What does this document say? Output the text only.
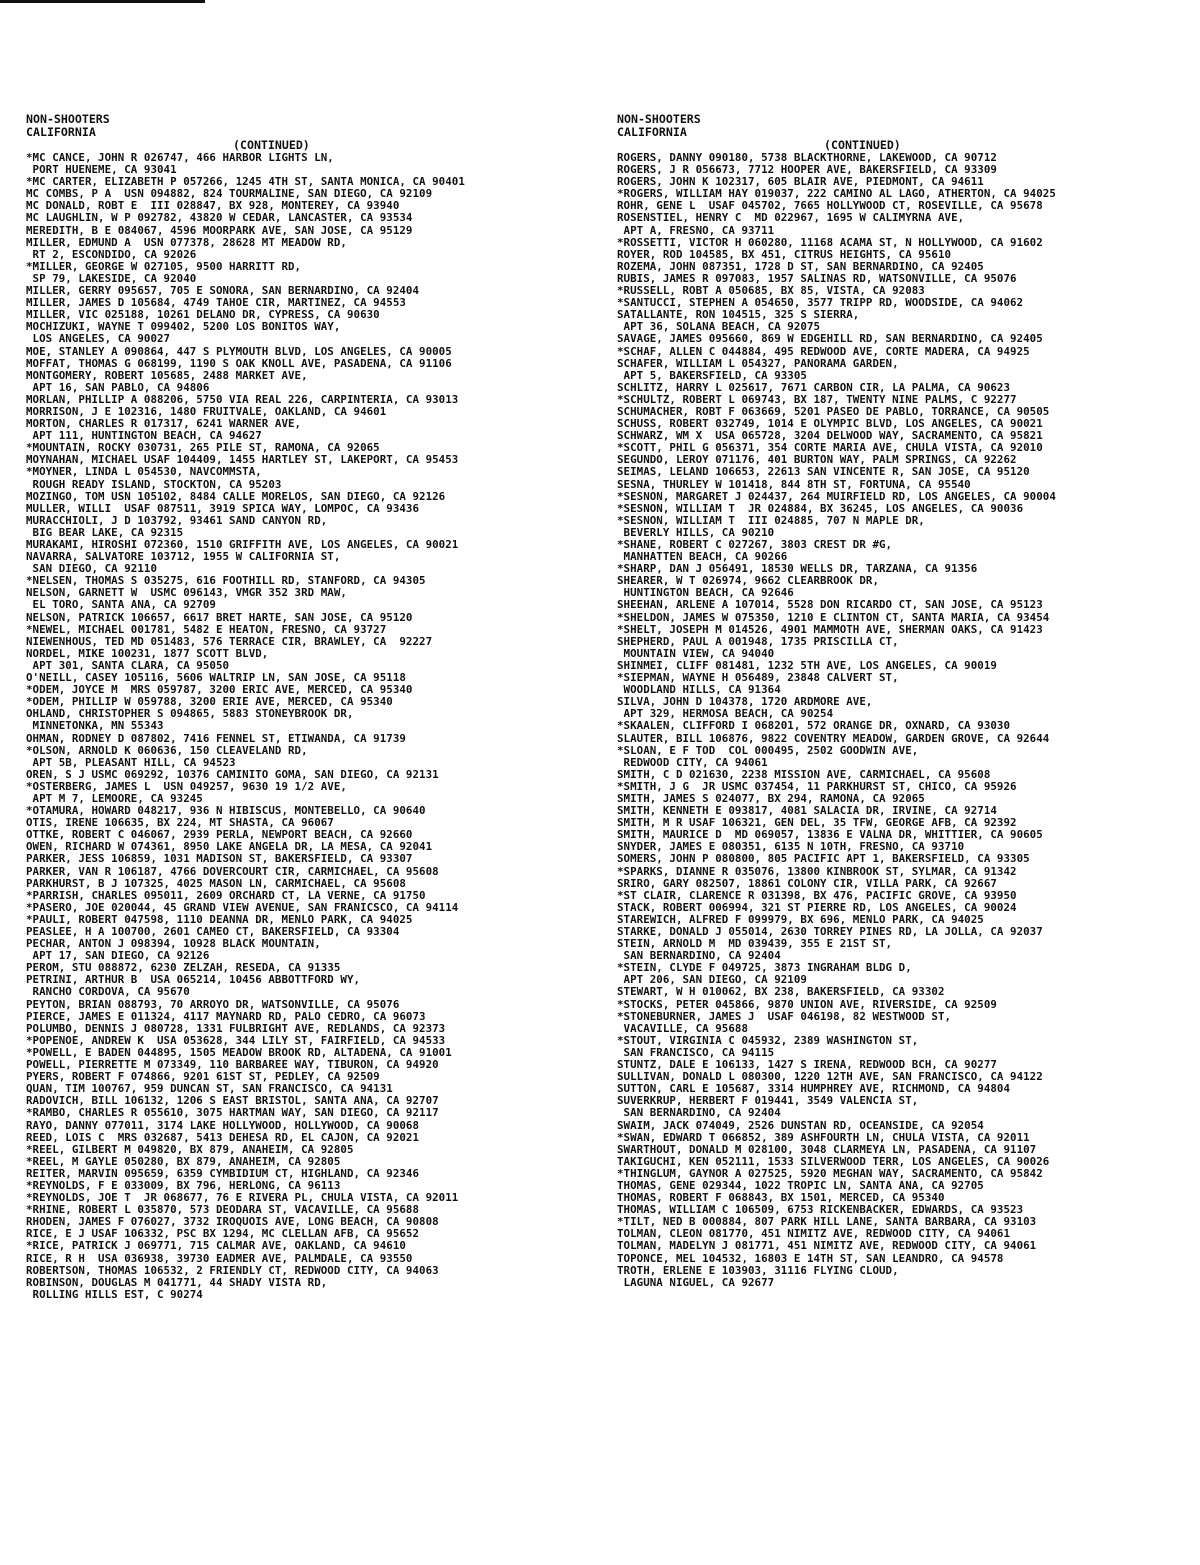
NON-SHOOTERS
CALIFORNIA
(CONTINUED)
*MC CANCE, JOHN R 026747, 466 HARBOR LIGHTS LN,
PORT HUENEME, CA 93041
*MC CARTER, ELIZABETH P 057266, 1245 4TH ST, SANTA MONICA, CA 90401
MC COMBS, P A  USN 094882, 824 TOURMALINE, SAN DIEGO, CA 92109
MC DONALD, ROBT E  III 028847, BX 928, MONTEREY, CA 93940
MC LAUGHLIN, W P 092782, 43820 W CEDAR, LANCASTER, CA 93534
MEREDITH, B E 084067, 4596 MOORPARK AVE, SAN JOSE, CA 95129
MILLER, EDMUND A  USN 077378, 28628 MT MEADOW RD,
RT 2, ESCONDIDO, CA 92026
*MILLER, GEORGE W 027105, 9500 HARRITT RD,
SP 79, LAKESIDE, CA 92040
MILLER, GERRY 095657, 705 E SONORA, SAN BERNARDINO, CA 92404
MILLER, JAMES D 105684, 4749 TAHOE CIR, MARTINEZ, CA 94553
MILLER, VIC 025188, 10261 DELANO DR, CYPRESS, CA 90630
MOCHIZUKI, WAYNE T 099402, 5200 LOS BONITOS WAY,
LOS ANGELES, CA 90027
MOE, STANLEY A 090864, 447 S PLYMOUTH BLVD, LOS ANGELES, CA 90005
MOFFAT, THOMAS G 068199, 1190 S OAK KNOLL AVE, PASADENA, CA 91106
MONTGOMERY, ROBERT 105685, 2488 MARKET AVE,
APT 16, SAN PABLO, CA 94806
MORLAN, PHILLIP A 088206, 5750 VIA REAL 226, CARPINTERIA, CA 93013
MORRISON, J E 102316, 1480 FRUITVALE, OAKLAND, CA 94601
MORTON, CHARLES R 017317, 6241 WARNER AVE,
APT 111, HUNTINGTON BEACH, CA 94627
*MOUNTAIN, ROCKY 030731, 265 PILE ST, RAMONA, CA 92065
MOYNAHAN, MICHAEL USAF 104409, 1455 HARTLEY ST, LAKEPORT, CA 95453
*MOYNER, LINDA L 054530, NAVCOMMSTA,
ROUGH READY ISLAND, STOCKTON, CA 95203
MOZINGO, TOM USN 105102, 8484 CALLE MORELOS, SAN DIEGO, CA 92126
MULLER, WILLI  USAF 087511, 3919 SPICA WAY, LOMPOC, CA 93436
MURACCHIOLI, J D 103792, 93461 SAND CANYON RD,
BIG BEAR LAKE, CA 92315
MURAKAMI, HIROSHI 072360, 1510 GRIFFITH AVE, LOS ANGELES, CA 90021
NAVARRA, SALVATORE 103712, 1955 W CALIFORNIA ST,
SAN DIEGO, CA 92110
*NELSEN, THOMAS S 035275, 616 FOOTHILL RD, STANFORD, CA 94305
NELSON, GARNETT W  USMC 096143, VMGR 352 3RD MAW,
EL TORO, SANTA ANA, CA 92709
NELSON, PATRICK 106657, 6617 BRET HARTE, SAN JOSE, CA 95120
*NEWEL, MICHAEL 001781, 5482 E HEATON, FRESNO, CA 93727
NIEWENHOUS, TED MD 051483, 576 TERRACE CIR, BRAWLEY, CA  92227
NORDEL, MIKE 100231, 1877 SCOTT BLVD,
APT 301, SANTA CLARA, CA 95050
O'NEILL, CASEY 105116, 5606 WALTRIP LN, SAN JOSE, CA 95118
*ODEM, JOYCE M  MRS 059787, 3200 ERIC AVE, MERCED, CA 95340
*ODEM, PHILLIP W 059788, 3200 ERIE AVE, MERCED, CA 95340
OHLAND, CHRISTOPHER S 094865, 5883 STONEYBROOK DR,
MINNETONKA, MN 55343
OHMAN, RODNEY D 087802, 7416 FENNEL ST, ETIWANDA, CA 91739
*OLSON, ARNOLD K 060636, 150 CLEAVELAND RD,
APT 5B, PLEASANT HILL, CA 94523
OREN, S J USMC 069292, 10376 CAMINITO GOMA, SAN DIEGO, CA 92131
*OSTERBERG, JAMES L  USN 049257, 9630 19 1/2 AVE,
APT M 7, LEMOORE, CA 93245
*OTAMURA, HOWARD 048217, 936 N HIBISCUS, MONTEBELLO, CA 90640
OTIS, IRENE 106635, BX 224, MT SHASTA, CA 96067
OTTKE, ROBERT C 046067, 2939 PERLA, NEWPORT BEACH, CA 92660
OWEN, RICHARD W 074361, 8950 LAKE ANGELA DR, LA MESA, CA 92041
PARKER, JESS 106859, 1031 MADISON ST, BAKERSFIELD, CA 93307
PARKER, VAN R 106187, 4766 DOVERCOURT CIR, CARMICHAEL, CA 95608
PARKHURST, B J 107325, 4025 MASON LN, CARMICHAEL, CA 95608
*PARRISH, CHARLES 095011, 2609 ORCHARD CT, LA VERNE, CA 91750
*PASERO, JOE 020044, 45 GRAND VIEW AVENUE, SAN FRANICSCO, CA 94114
*PAULI, ROBERT 047598, 1110 DEANNA DR, MENLO PARK, CA 94025
PEASLEE, H A 100700, 2601 CAMEO CT, BAKERSFIELD, CA 93304
PECHAR, ANTON J 098394, 10928 BLACK MOUNTAIN,
APT 17, SAN DIEGO, CA 92126
PEROM, STU 088872, 6230 ZELZAH, RESEDA, CA 91335
PETRINI, ARTHUR B  USA 065214, 10456 ABBOTTFORD WY,
RANCHO CORDOVA, CA 95670
PEYTON, BRIAN 088793, 70 ARROYO DR, WATSONVILLE, CA 95076
PIERCE, JAMES E 011324, 4117 MAYNARD RD, PALO CEDRO, CA 96073
POLUMBO, DENNIS J 080728, 1331 FULBRIGHT AVE, REDLANDS, CA 92373
*POPENOE, ANDREW K  USA 053628, 344 LILY ST, FAIRFIELD, CA 94533
*POWELL, E BADEN 044895, 1505 MEADOW BROOK RD, ALTADENA, CA 91001
POWELL, PIERRETTE M 073349, 110 BARBAREE WAY, TIBURON, CA 94920
PYERS, ROBERT F 074866, 9201 61ST ST, PEDLEY, CA 92509
QUAN, TIM 100767, 959 DUNCAN ST, SAN FRANCISCO, CA 94131
RADOVICH, BILL 106132, 1206 S EAST BRISTOL, SANTA ANA, CA 92707
*RAMBO, CHARLES R 055610, 3075 HARTMAN WAY, SAN DIEGO, CA 92117
RAYO, DANNY 077011, 3174 LAKE HOLLYWOOD, HOLLYWOOD, CA 90068
REED, LOIS C  MRS 032687, 5413 DEHESA RD, EL CAJON, CA 92021
*REEL, GILBERT M 049820, BX 879, ANAHEIM, CA 92805
*REEL, M GAYLE 050280, BX 879, ANAHEIM, CA 92805
REITER, MARVIN 095659, 6359 CYMBIDIUM CT, HIGHLAND, CA 92346
*REYNOLDS, F E 033009, BX 796, HERLONG, CA 96113
*REYNOLDS, JOE T  JR 068677, 76 E RIVERA PL, CHULA VISTA, CA 92011
*RHINE, ROBERT L 035870, 573 DEODARA ST, VACAVILLE, CA 95688
RHODEN, JAMES F 076027, 3732 IROQUOIS AVE, LONG BEACH, CA 90808
RICE, E J USAF 106332, PSC BX 1294, MC CLELLAN AFB, CA 95652
*RICE, PATRICK J 069771, 715 CALMAR AVE, OAKLAND, CA 94610
RICE, R H  USA 036938, 39730 EADMER AVE, PALMDALE, CA 93550
ROBERTSON, THOMAS 106532, 2 FRIENDLY CT, REDWOOD CITY, CA 94063
ROBINSON, DOUGLAS M 041771, 44 SHADY VISTA RD,
ROLLING HILLS EST, C 90274
NON-SHOOTERS
CALIFORNIA
(CONTINUED)
ROGERS, DANNY 090180, 5738 BLACKTHORNE, LAKEWOOD, CA 90712
ROGERS, J R 056673, 7712 HOOPER AVE, BAKERSFIELD, CA 93309
ROGERS, JOHN K 102317, 605 BLAIR AVE, PIEDMONT, CA 94611
*ROGERS, WILLIAM HAY 019037, 222 CAMINO AL LAGO, ATHERTON, CA 94025
ROHR, GENE L  USAF 045702, 7665 HOLLYWOOD CT, ROSEVILLE, CA 95678
ROSENSTIEL, HENRY C  MD 022967, 1695 W CALIMYRNA AVE,
APT A, FRESNO, CA 93711
*ROSSETTI, VICTOR H 060280, 11168 ACAMA ST, N HOLLYWOOD, CA 91602
ROYER, ROD 104585, BX 451, CITRUS HEIGHTS, CA 95610
ROZEMA, JOHN 087351, 1728 D ST, SAN BERNARDINO, CA 92405
RUBIS, JAMES R 097083, 1957 SALINAS RD, WATSONVILLE, CA 95076
*RUSSELL, ROBT A 050685, BX 85, VISTA, CA 92083
*SANTUCCI, STEPHEN A 054650, 3577 TRIPP RD, WOODSIDE, CA 94062
SATALLANTE, RON 104515, 325 S SIERRA,
APT 36, SOLANA BEACH, CA 92075
SAVAGE, JAMES 095660, 869 W EDGEHILL RD, SAN BERNARDINO, CA 92405
*SCHAF, ALLEN C 044884, 495 REDWOOD AVE, CORTE MADERA, CA 94925
SCHAFER, WILLIAM L 054327, PANORAMA GARDEN,
APT 5, BAKERSFIELD, CA 93305
SCHLITZ, HARRY L 025617, 7671 CARBON CIR, LA PALMA, CA 90623
*SCHULTZ, ROBERT L 069743, BX 187, TWENTY NINE PALMS, C 92277
SCHUMACHER, ROBT F 063669, 5201 PASEO DE PABLO, TORRANCE, CA 90505
SCHUSS, ROBERT 032749, 1014 E OLYMPIC BLVD, LOS ANGELES, CA 90021
SCHWARZ, WM X  USA 065728, 3204 DELWOOD WAY, SACRAMENTO, CA 95821
*SCOTT, PHIL G 056371, 354 CORTE MARIA AVE, CHULA VISTA, CA 92010
SEGUNDO, LEROY 071176, 401 BURTON WAY, PALM SPRINGS, CA 92262
SEIMAS, LELAND 106653, 22613 SAN VINCENTE R, SAN JOSE, CA 95120
SESNA, THURLEY W 101418, 844 8TH ST, FORTUNA, CA 95540
*SESNON, MARGARET J 024437, 264 MUIRFIELD RD, LOS ANGELES, CA 90004
*SESNON, WILLIAM T  JR 024884, BX 36245, LOS ANGELES, CA 90036
*SESNON, WILLIAM T  III 024885, 707 N MAPLE DR,
BEVERLY HILLS, CA 90210
*SHANE, ROBERT C 027267, 3803 CREST DR #G,
MANHATTEN BEACH, CA 90266
*SHARP, DAN J 056491, 18530 WELLS DR, TARZANA, CA 91356
SHEARER, W T 026974, 9662 CLEARBROOK DR,
HUNTINGTON BEACH, CA 92646
SHEEHAN, ARLENE A 107014, 5528 DON RICARDO CT, SAN JOSE, CA 95123
*SHELDON, JAMES W 075350, 1210 E CLINTON CT, SANTA MARIA, CA 93454
*SHELT, JOSEPH M 014526, 4901 MAMMOTH AVE, SHERMAN OAKS, CA 91423
SHEPHERD, PAUL A 001948, 1735 PRISCILLA CT,
MOUNTAIN VIEW, CA 94040
SHINMEI, CLIFF 081481, 1232 5TH AVE, LOS ANGELES, CA 90019
*SIEPMAN, WAYNE H 056489, 23848 CALVERT ST,
WOODLAND HILLS, CA 91364
SILVA, JOHN D 104378, 1720 ARDMORE AVE,
APT 329, HERMOSA BEACH, CA 90254
*SKAALEN, CLIFFORD I 068201, 572 ORANGE DR, OXNARD, CA 93030
SLAUTER, BILL 106876, 9822 COVENTRY MEADOW, GARDEN GROVE, CA 92644
*SLOAN, E F TOD  COL 000495, 2502 GOODWIN AVE,
REDWOOD CITY, CA 94061
SMITH, C D 021630, 2238 MISSION AVE, CARMICHAEL, CA 95608
*SMITH, J G  JR USMC 037454, 11 PARKHURST ST, CHICO, CA 95926
SMITH, JAMES S 024077, BX 294, RAMONA, CA 92065
SMITH, KENNETH E 093817, 4081 SALACIA DR, IRVINE, CA 92714
SMITH, M R USAF 106321, GEN DEL, 35 TFW, GEORGE AFB, CA 92392
SMITH, MAURICE D  MD 069057, 13836 E VALNA DR, WHITTIER, CA 90605
SNYDER, JAMES E 080351, 6135 N 10TH, FRESNO, CA 93710
SOMERS, JOHN P 080800, 805 PACIFIC APT 1, BAKERSFIELD, CA 93305
*SPARKS, DIANNE R 035076, 13800 KINBROOK ST, SYLMAR, CA 91342
SRIRO, GARY 082507, 18861 COLONY CIR, VILLA PARK, CA 92667
*ST CLAIR, CLARENCE R 031398, BX 476, PACIFIC GROVE, CA 93950
STACK, ROBERT 006994, 321 ST PIERRE RD, LOS ANGELES, CA 90024
STAREWICH, ALFRED F 099979, BX 696, MENLO PARK, CA 94025
STARKE, DONALD J 055014, 2630 TORREY PINES RD, LA JOLLA, CA 92037
STEIN, ARNOLD M  MD 039439, 355 E 21ST ST,
SAN BERNARDINO, CA 92404
*STEIN, CLYDE F 049725, 3873 INGRAHAM BLDG D,
APT 206, SAN DIEGO, CA 92109
STEWART, W H 010062, BX 238, BAKERSFIELD, CA 93302
*STOCKS, PETER 045866, 9870 UNION AVE, RIVERSIDE, CA 92509
*STONEBURNER, JAMES J  USAF 046198, 82 WESTWOOD ST,
VACAVILLE, CA 95688
*STOUT, VIRGINIA C 045932, 2389 WASHINGTON ST,
SAN FRANCISCO, CA 94115
STUNTZ, DALE E 106133, 1427 S IRENA, REDWOOD BCH, CA 90277
SULLIVAN, DONALD L 080300, 1220 12TH AVE, SAN FRANCISCO, CA 94122
SUTTON, CARL E 105687, 3314 HUMPHREY AVE, RICHMOND, CA 94804
SUVERKRUP, HERBERT F 019441, 3549 VALENCIA ST,
SAN BERNARDINO, CA 92404
SWAIM, JACK 074049, 2526 DUNSTAN RD, OCEANSIDE, CA 92054
*SWAN, EDWARD T 066852, 389 ASHFOURTH LN, CHULA VISTA, CA 92011
SWARTHOUT, DONALD M 028100, 3048 CLARMEYA LN, PASADENA, CA 91107
TAKIGUCHI, KEN 052111, 1533 SILVERWOOD TERR, LOS ANGELES, CA 90026
*THINGLUM, GAYNOR A 027525, 5920 MEGHAN WAY, SACRAMENTO, CA 95842
THOMAS, GENE 029344, 1022 TROPIC LN, SANTA ANA, CA 92705
THOMAS, ROBERT F 068843, BX 1501, MERCED, CA 95340
THOMAS, WILLIAM C 106509, 6753 RICKENBACKER, EDWARDS, CA 93523
*TILT, NED B 000884, 807 PARK HILL LANE, SANTA BARBARA, CA 93103
TOLMAN, CLEON 081770, 451 NIMITZ AVE, REDWOOD CITY, CA 94061
TOLMAN, MADELYN J 081771, 451 NIMITZ AVE, REDWOOD CITY, CA 94061
TOPONCE, MEL 104532, 16803 E 14TH ST, SAN LEANDRO, CA 94578
TROTH, ERLENE E 103903, 31116 FLYING CLOUD,
LAGUNA NIGUEL, CA 92677
